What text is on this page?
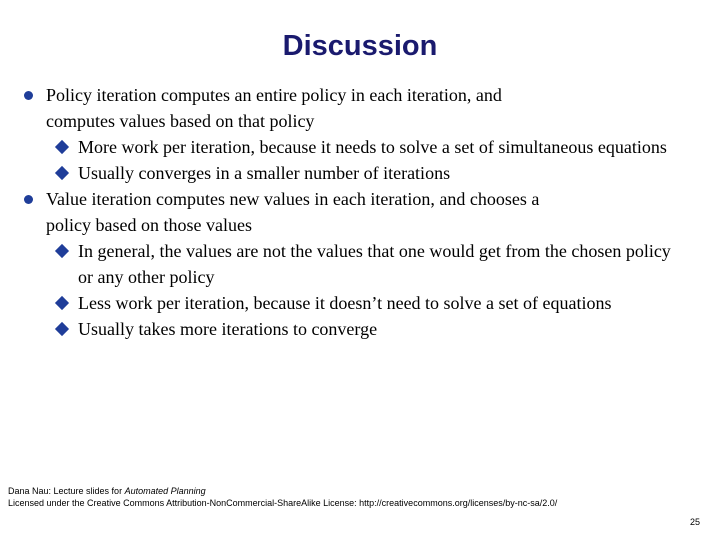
Discussion
Policy iteration computes an entire policy in each iteration, and computes values based on that policy
More work per iteration, because it needs to solve a set of simultaneous equations
Usually converges in a smaller number of iterations
Value iteration computes new values in each iteration, and chooses a policy based on those values
In general, the values are not the values that one would get from the chosen policy or any other policy
Less work per iteration, because it doesn’t need to solve a set of equations
Usually takes more iterations to converge
Dana Nau: Lecture slides for Automated Planning
Licensed under the Creative Commons Attribution-NonCommercial-ShareAlike License: http://creativecommons.org/licenses/by-nc-sa/2.0/
25
